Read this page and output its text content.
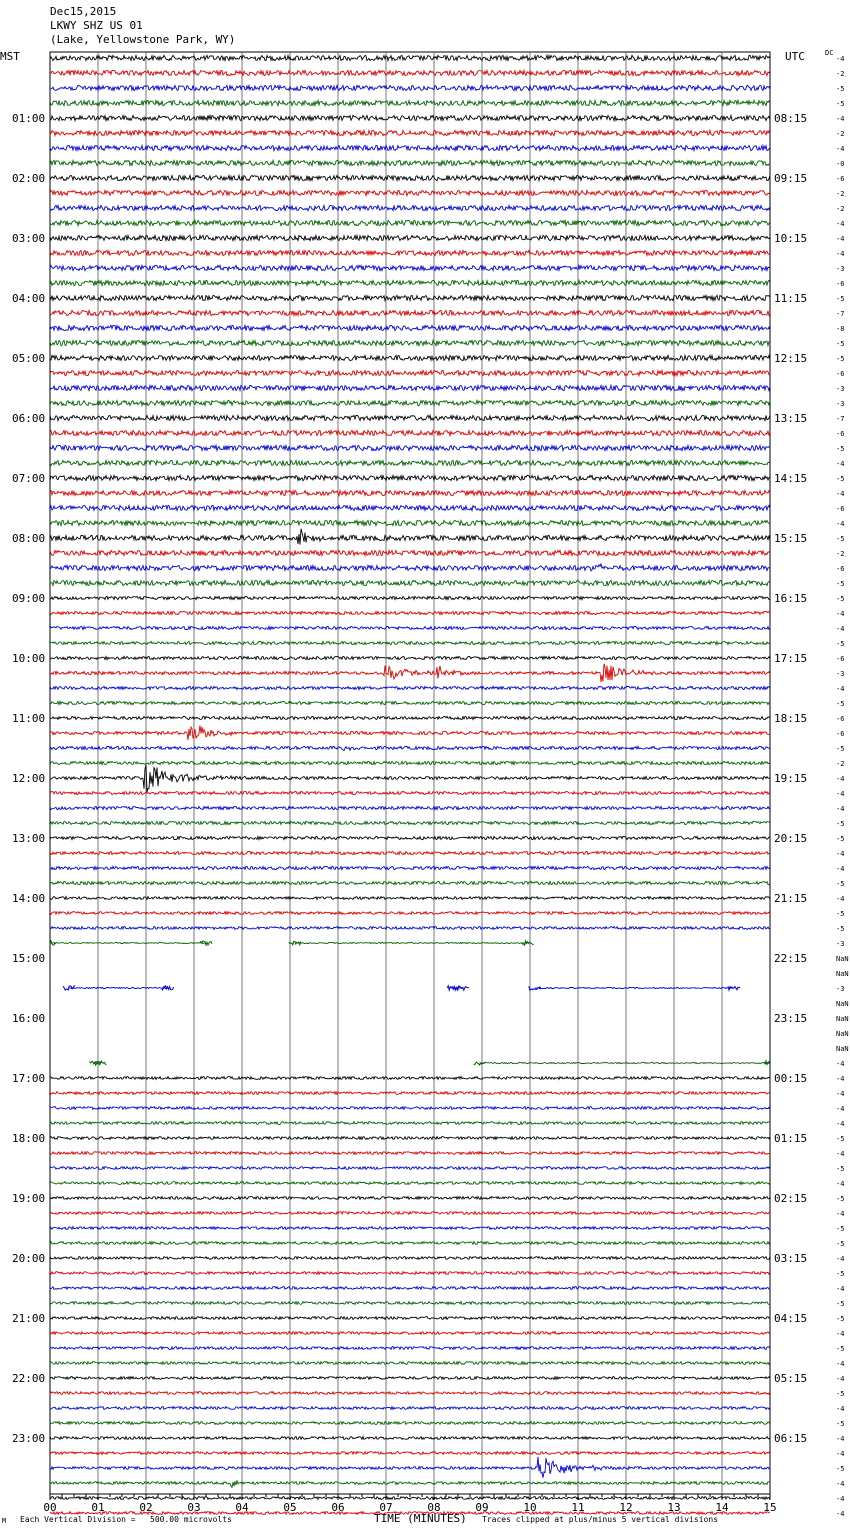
Dec15,2015
LKWY SHZ US 01
(Lake, Yellowstone Park, WY)
MST	UTC	DC
-4
-2
-5
-5
-4
-2
-4
-0
-6
-2
-2
-4
-4
-4
-3
-6
-5
-7
-8
-5
-5
-6
-3
-3
-7
-6
-5
-4
-5
-4
-6
-4
-5
-2
-6
-5
-5
-4
-4
-5
-6
-3
-4
-5
-6
-6
-5
-2
-4
-4
-4
-5
-5
-4
-4
-5
-4
-5
-5
-3
NaN
NaN
-3
NaN
NaN
NaN
NaN
-4
-4
-4
-4
-4
-5
-4
-5
-4
-5
-4
-5
-5
-4
-5
-4
-5
-5
-4
-5
-4
-4
-5
-4
-5
-4
-4
-5
-4
-4
-4
01:00
02:00
03:00
04:00
05:00
06:00
07:00
08:00
09:00
10:00
11:00
12:00
13:00
14:00
15:00
16:00
17:00
18:00
19:00
20:00
21:00
22:00
23:00
08:15
09:15
10:15
11:15
12:15
13:15
14:15
15:15
16:15
17:15
18:15
19:15
20:15
21:15
22:15
23:15
00:15
01:15
02:15
03:15
04:15
05:15
06:15
00	01	02	03	04	05	06	07	08	09	10	11	12	13	14	15
M Each Vertical Division =   500.00 microvolts	TIME (MINUTES) Traces clipped at plus/minus 5 vertical divisions
